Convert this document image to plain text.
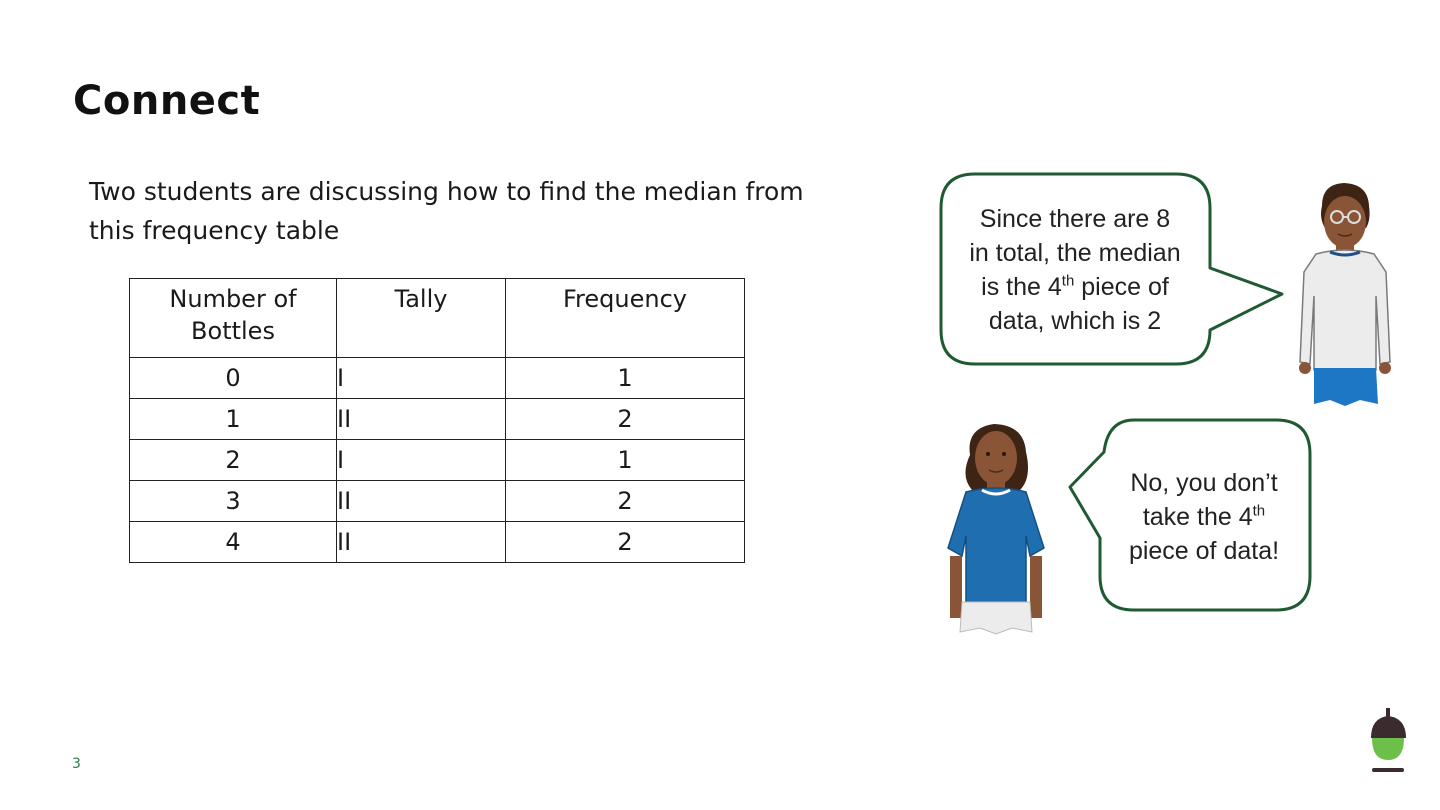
Connect

Two students are discussing how to find the median from this frequency table

Number of Bottles	Tally	Frequency
0	I	1
1	II	2
2	I	1
3	II	2
4	II	2
Since there are 8
in total, the median
is the 4th piece of
data, which is 2
No, you don’t
take the 4th
piece of data!
3
